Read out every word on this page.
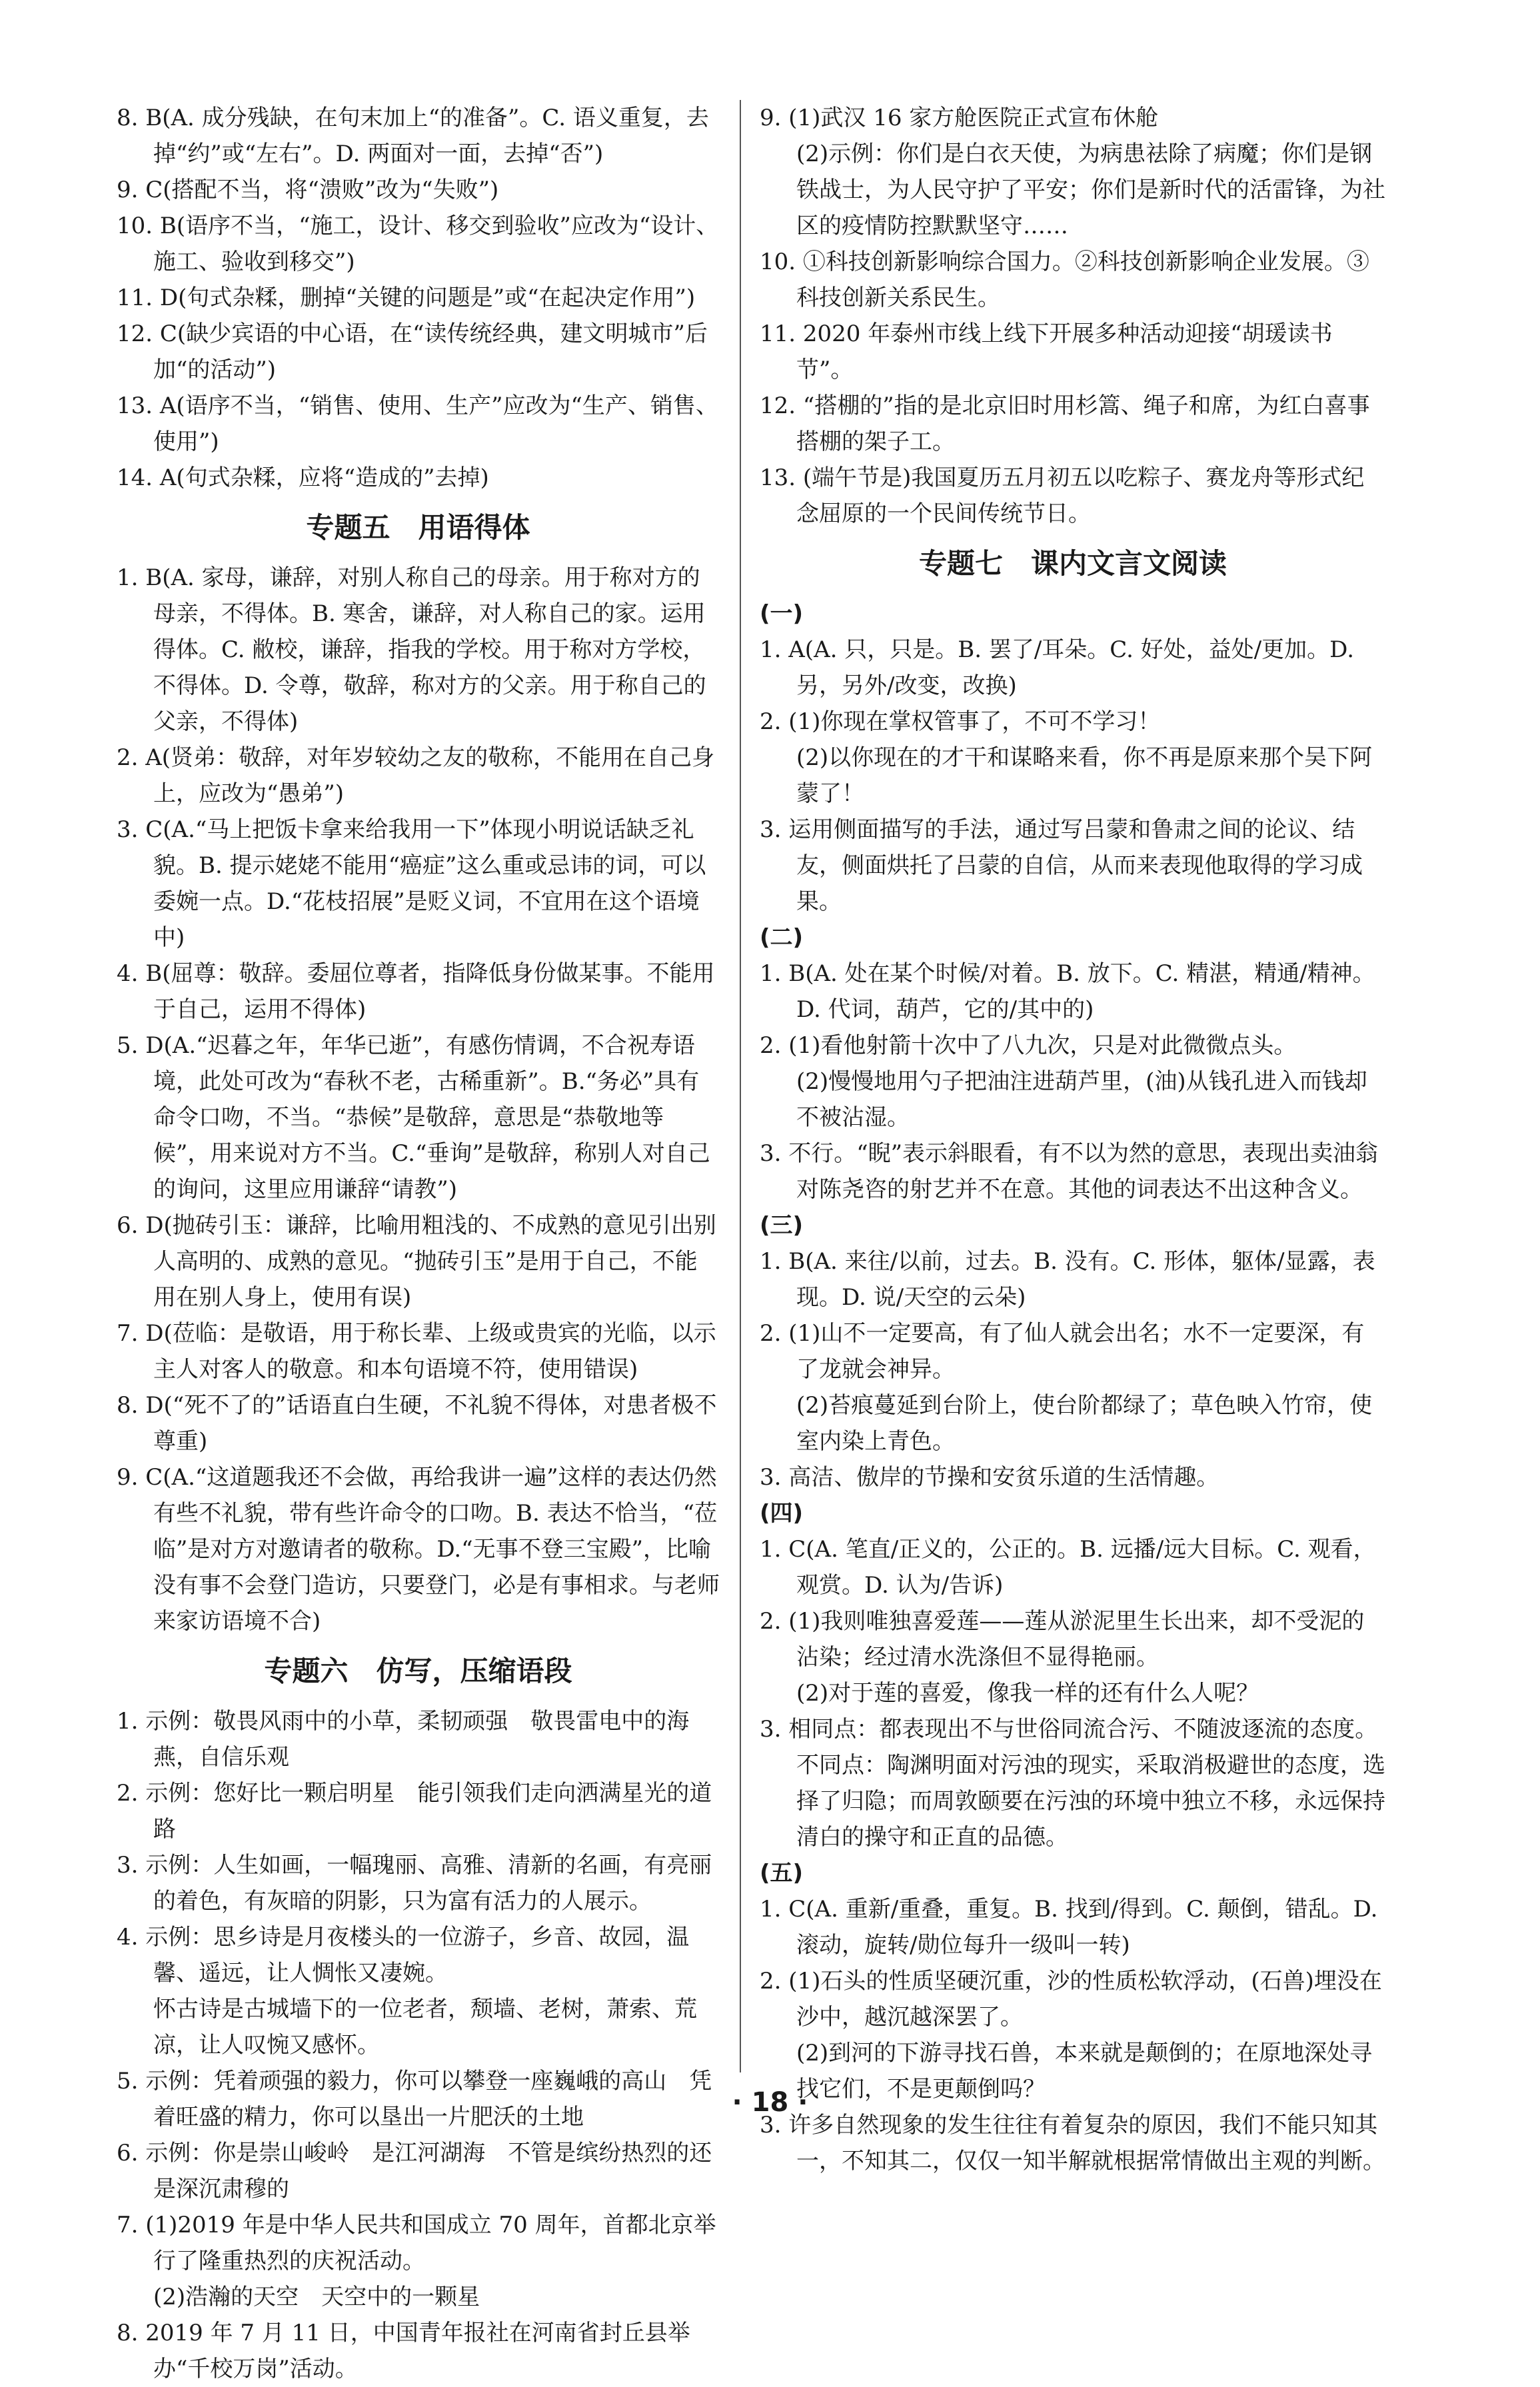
8. B(A. 成分残缺，在句末加上“的准备”。C. 语义重复，去掉“约”或“左右”。D. 两面对一面，去掉“否”)

9. C(搭配不当，将“溃败”改为“失败”)

10. B(语序不当，“施工，设计、移交到验收”应改为“设计、施工、验收到移交”)

11. D(句式杂糅，删掉“关键的问题是”或“在起决定作用”)

12. C(缺少宾语的中心语，在“读传统经典，建文明城市”后加“的活动”)

13. A(语序不当，“销售、使用、生产”应改为“生产、销售、使用”)

14. A(句式杂糅，应将“造成的”去掉)

专题五　用语得体

1. B(A. 家母，谦辞，对别人称自己的母亲。用于称对方的母亲，不得体。B. 寒舍，谦辞，对人称自己的家。运用得体。C. 敝校，谦辞，指我的学校。用于称对方学校，不得体。D. 令尊，敬辞，称对方的父亲。用于称自己的父亲，不得体)

2. A(贤弟：敬辞，对年岁较幼之友的敬称，不能用在自己身上，应改为“愚弟”)

3. C(A.“马上把饭卡拿来给我用一下”体现小明说话缺乏礼貌。B. 提示姥姥不能用“癌症”这么重或忌讳的词，可以委婉一点。D.“花枝招展”是贬义词，不宜用在这个语境中)

4. B(屈尊：敬辞。委屈位尊者，指降低身份做某事。不能用于自己，运用不得体)

5. D(A.“迟暮之年，年华已逝”，有感伤情调，不合祝寿语境，此处可改为“春秋不老，古稀重新”。B.“务必”具有命令口吻，不当。“恭候”是敬辞，意思是“恭敬地等候”，用来说对方不当。C.“垂询”是敬辞，称别人对自己的询问，这里应用谦辞“请教”)

6. D(抛砖引玉：谦辞，比喻用粗浅的、不成熟的意见引出别人高明的、成熟的意见。“抛砖引玉”是用于自己，不能用在别人身上，使用有误)

7. D(莅临：是敬语，用于称长辈、上级或贵宾的光临，以示主人对客人的敬意。和本句语境不符，使用错误)

8. D(“死不了的”话语直白生硬，不礼貌不得体，对患者极不尊重)

9. C(A.“这道题我还不会做，再给我讲一遍”这样的表达仍然有些不礼貌，带有些许命令的口吻。B. 表达不恰当，“莅临”是对方对邀请者的敬称。D.“无事不登三宝殿”，比喻没有事不会登门造访，只要登门，必是有事相求。与老师来家访语境不合)

专题六　仿写，压缩语段

1. 示例：敬畏风雨中的小草，柔韧顽强　敬畏雷电中的海燕，自信乐观

2. 示例：您好比一颗启明星　能引领我们走向洒满星光的道路

3. 示例：人生如画，一幅瑰丽、高雅、清新的名画，有亮丽的着色，有灰暗的阴影，只为富有活力的人展示。

4. 示例：思乡诗是月夜楼头的一位游子，乡音、故园，温馨、遥远，让人惆怅又凄婉。

怀古诗是古城墙下的一位老者，颓墙、老树，萧索、荒凉，让人叹惋又感怀。

5. 示例：凭着顽强的毅力，你可以攀登一座巍峨的高山　凭着旺盛的精力，你可以垦出一片肥沃的土地

6. 示例：你是崇山峻岭　是江河湖海　不管是缤纷热烈的还是深沉肃穆的

7. (1)2019 年是中华人民共和国成立 70 周年，首都北京举行了隆重热烈的庆祝活动。

(2)浩瀚的天空　天空中的一颗星

8. 2019 年 7 月 11 日，中国青年报社在河南省封丘县举办“千校万岗”活动。

9. (1)武汉 16 家方舱医院正式宣布休舱

(2)示例：你们是白衣天使，为病患祛除了病魔；你们是钢铁战士，为人民守护了平安；你们是新时代的活雷锋，为社区的疫情防控默默坚守……

10. ①科技创新影响综合国力。②科技创新影响企业发展。③科技创新关系民生。

11. 2020 年泰州市线上线下开展多种活动迎接“胡瑗读书节”。

12. “搭棚的”指的是北京旧时用杉篙、绳子和席，为红白喜事搭棚的架子工。

13. (端午节是)我国夏历五月初五以吃粽子、赛龙舟等形式纪念屈原的一个民间传统节日。

专题七　课内文言文阅读

(一)

1. A(A. 只，只是。B. 罢了/耳朵。C. 好处，益处/更加。D. 另，另外/改变，改换)

2. (1)你现在掌权管事了，不可不学习！

(2)以你现在的才干和谋略来看，你不再是原来那个吴下阿蒙了！

3. 运用侧面描写的手法，通过写吕蒙和鲁肃之间的论议、结友，侧面烘托了吕蒙的自信，从而来表现他取得的学习成果。

(二)

1. B(A. 处在某个时候/对着。B. 放下。C. 精湛，精通/精神。D. 代词，葫芦，它的/其中的)

2. (1)看他射箭十次中了八九次，只是对此微微点头。

(2)慢慢地用勺子把油注进葫芦里，(油)从钱孔进入而钱却不被沾湿。

3. 不行。“睨”表示斜眼看，有不以为然的意思，表现出卖油翁对陈尧咨的射艺并不在意。其他的词表达不出这种含义。

(三)

1. B(A. 来往/以前，过去。B. 没有。C. 形体，躯体/显露，表现。D. 说/天空的云朵)

2. (1)山不一定要高，有了仙人就会出名；水不一定要深，有了龙就会神异。

(2)苔痕蔓延到台阶上，使台阶都绿了；草色映入竹帘，使室内染上青色。

3. 高洁、傲岸的节操和安贫乐道的生活情趣。

(四)

1. C(A. 笔直/正义的，公正的。B. 远播/远大目标。C. 观看，观赏。D. 认为/告诉)

2. (1)我则唯独喜爱莲——莲从淤泥里生长出来，却不受泥的沾染；经过清水洗涤但不显得艳丽。

(2)对于莲的喜爱，像我一样的还有什么人呢？

3. 相同点：都表现出不与世俗同流合污、不随波逐流的态度。

不同点：陶渊明面对污浊的现实，采取消极避世的态度，选择了归隐；而周敦颐要在污浊的环境中独立不移，永远保持清白的操守和正直的品德。

(五)

1. C(A. 重新/重叠，重复。B. 找到/得到。C. 颠倒，错乱。D. 滚动，旋转/勋位每升一级叫一转)

2. (1)石头的性质坚硬沉重，沙的性质松软浮动，(石兽)埋没在沙中，越沉越深罢了。

(2)到河的下游寻找石兽，本来就是颠倒的；在原地深处寻找它们，不是更颠倒吗？

3. 许多自然现象的发生往往有着复杂的原因，我们不能只知其一，不知其二，仅仅一知半解就根据常情做出主观的判断。

· 18 ·
